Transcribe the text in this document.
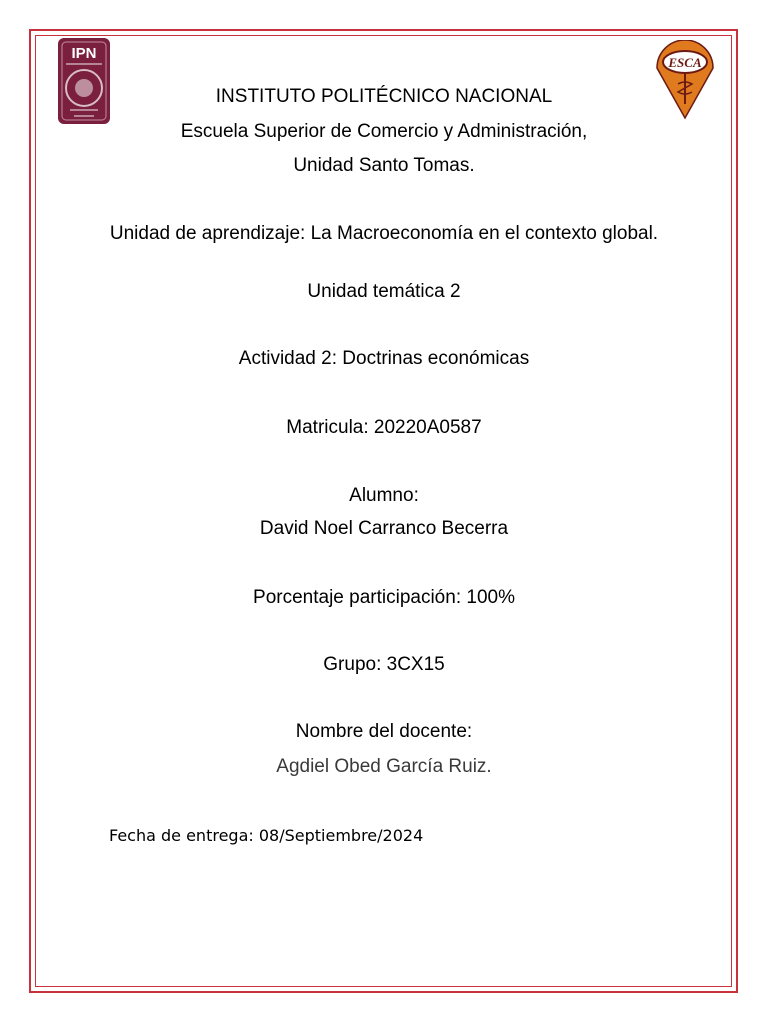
IPN
ESCA
INSTITUTO POLITÉCNICO NACIONAL
Escuela Superior de Comercio y Administración,
Unidad Santo Tomas.
Unidad de aprendizaje: La Macroeconomía en el contexto global.
Unidad temática 2
Actividad 2: Doctrinas económicas
Matricula: 20220A0587
Alumno:
David Noel Carranco Becerra
Porcentaje participación: 100%
Grupo: 3CX15
Nombre del docente:
Agdiel Obed García Ruiz.
Fecha de entrega: 08/Septiembre/2024
